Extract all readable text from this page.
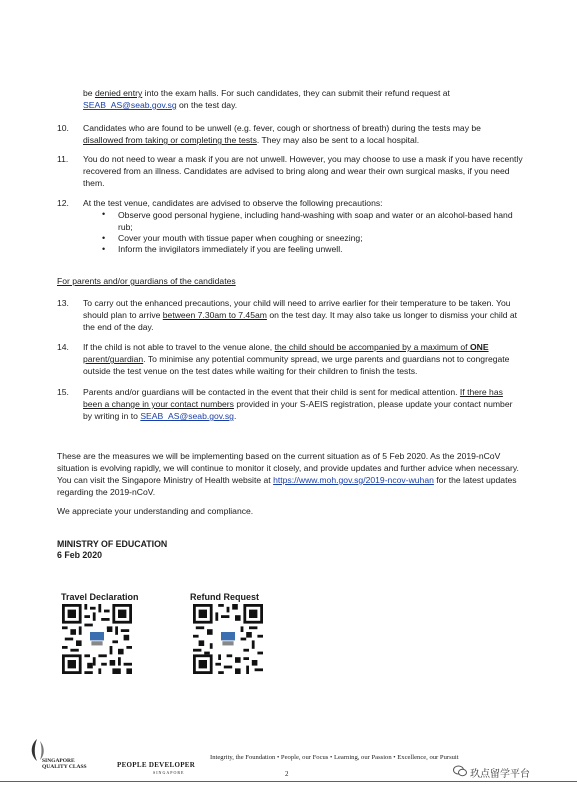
be denied entry into the exam halls. For such candidates, they can submit their refund request at SEAB_AS@seab.gov.sg on the test day.
10. Candidates who are found to be unwell (e.g. fever, cough or shortness of breath) during the tests may be disallowed from taking or completing the tests. They may also be sent to a local hospital.
11. You do not need to wear a mask if you are not unwell. However, you may choose to use a mask if you have recently recovered from an illness. Candidates are advised to bring along and wear their own surgical masks, if you need them.
12. At the test venue, candidates are advised to observe the following precautions:
• Observe good personal hygiene, including hand-washing with soap and water or an alcohol-based hand rub;
• Cover your mouth with tissue paper when coughing or sneezing;
• Inform the invigilators immediately if you are feeling unwell.
For parents and/or guardians of the candidates
13. To carry out the enhanced precautions, your child will need to arrive earlier for their temperature to be taken. You should plan to arrive between 7.30am to 7.45am on the test day. It may also take us longer to dismiss your child at the end of the day.
14. If the child is not able to travel to the venue alone, the child should be accompanied by a maximum of ONE parent/guardian. To minimise any potential community spread, we urge parents and guardians not to congregate outside the test venue on the test dates while waiting for their children to finish the tests.
15. Parents and/or guardians will be contacted in the event that their child is sent for medical attention. If there has been a change in your contact numbers provided in your S-AEIS registration, please update your contact number by writing in to SEAB_AS@seab.gov.sg.
These are the measures we will be implementing based on the current situation as of 5 Feb 2020. As the 2019-nCoV situation is evolving rapidly, we will continue to monitor it closely, and provide updates and further advice when necessary. You can visit the Singapore Ministry of Health website at https://www.moh.gov.sg/2019-ncov-wuhan for the latest updates regarding the 2019-nCoV.
We appreciate your understanding and compliance.
MINISTRY OF EDUCATION
6 Feb 2020
Travel Declaration	Refund Request
SINGAPORE QUALITY CLASS	PEOPLE DEVELOPER
SINGAPORE
Integrity, the Foundation • People, our Focus • Learning, our Passion • Excellence, our Pursuit
2	玖点留学平台
